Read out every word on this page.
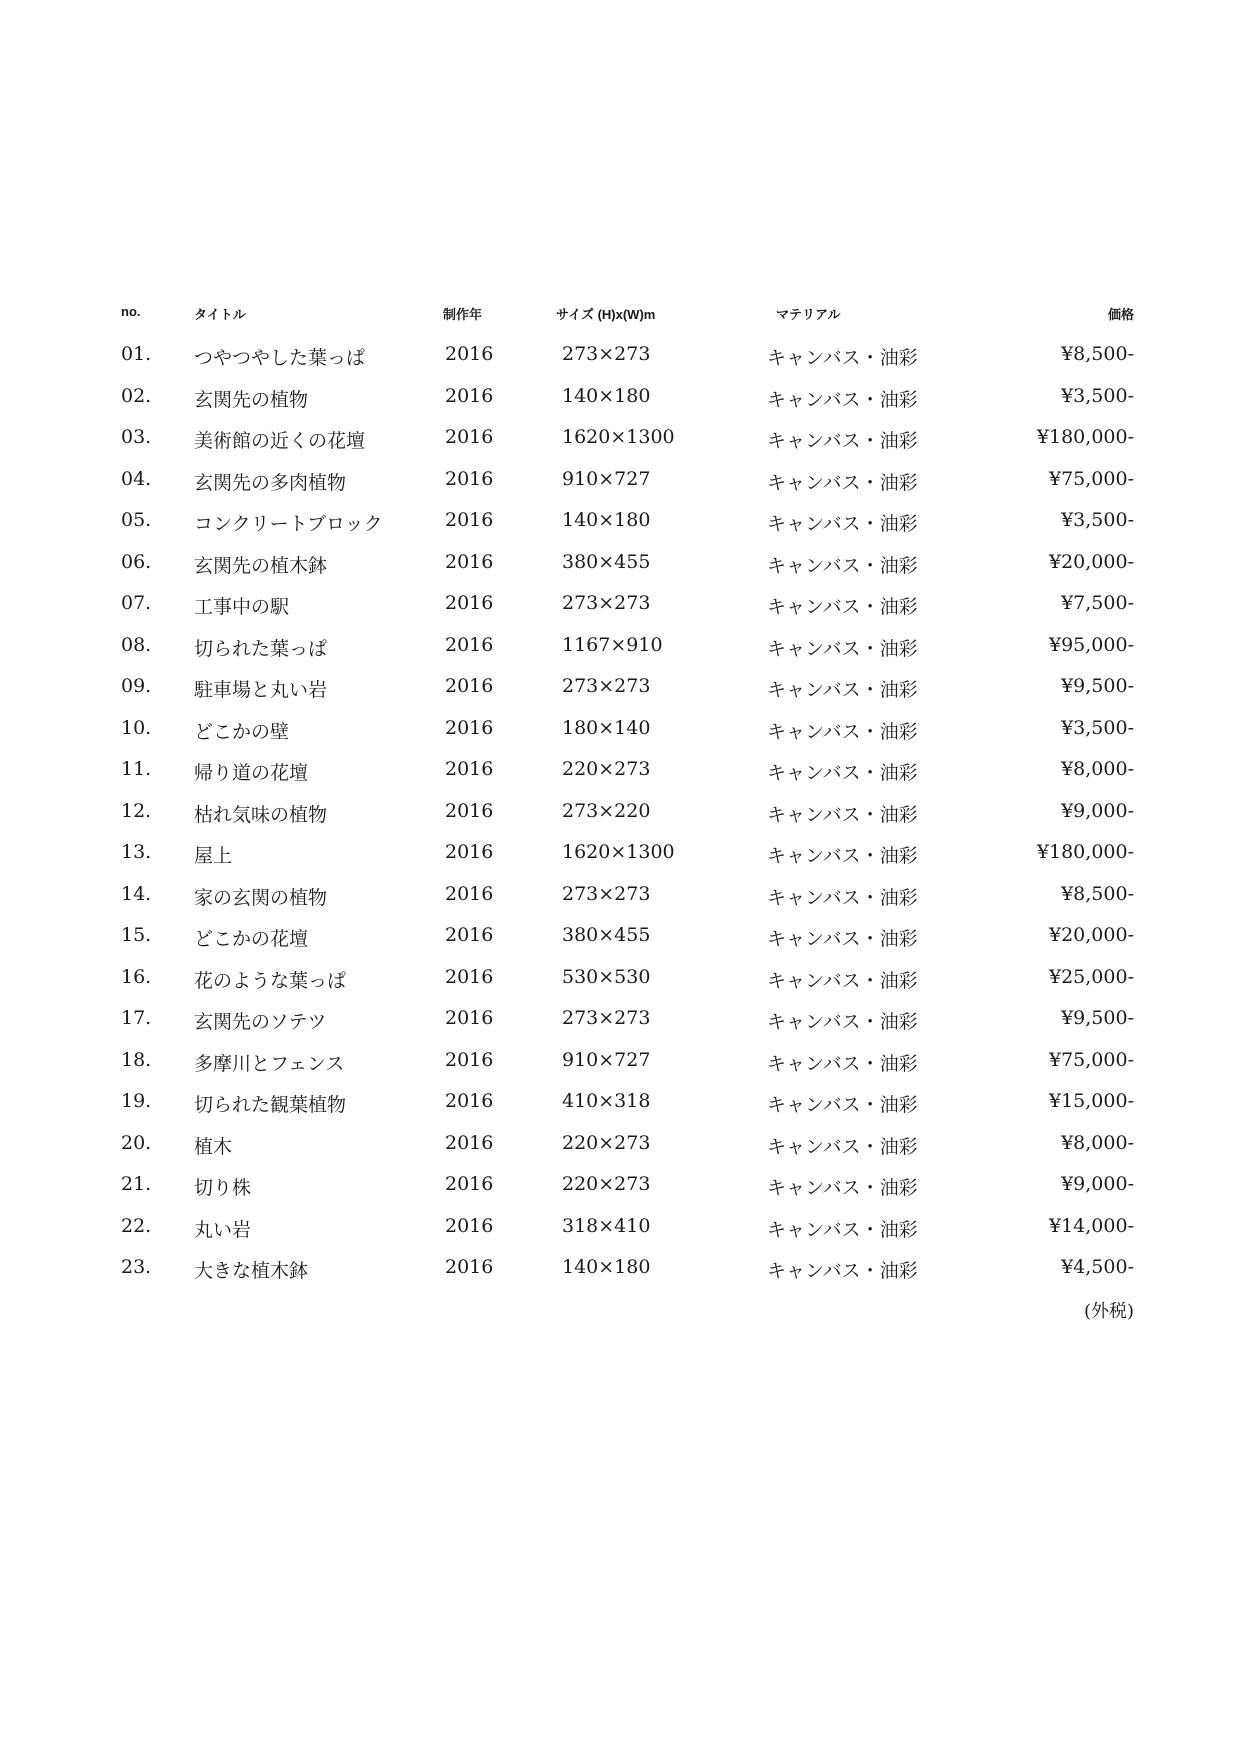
no.	タイトル	制作年	サイズ (H)x(W)m	マテリアル	価格
01. つやつやした葉っぱ	2016	273×273	キャンバス・油彩	¥8,500-
02. 玄関先の植物	2016	140×180	キャンバス・油彩	¥3,500-
03. 美術館の近くの花壇	2016	1620×1300	キャンバス・油彩	¥180,000-
04. 玄関先の多肉植物	2016	910×727	キャンバス・油彩	¥75,000-
05. コンクリートブロック	2016	140×180	キャンバス・油彩	¥3,500-
06. 玄関先の植木鉢	2016	380×455	キャンバス・油彩	¥20,000-
07. 工事中の駅	2016	273×273	キャンバス・油彩	¥7,500-
08. 切られた葉っぱ	2016	1167×910	キャンバス・油彩	¥95,000-
09. 駐車場と丸い岩	2016	273×273	キャンバス・油彩	¥9,500-
10. どこかの壁	2016	180×140	キャンバス・油彩	¥3,500-
11. 帰り道の花壇	2016	220×273	キャンバス・油彩	¥8,000-
12. 枯れ気味の植物	2016	273×220	キャンバス・油彩	¥9,000-
13. 屋上	2016	1620×1300	キャンバス・油彩	¥180,000-
14. 家の玄関の植物	2016	273×273	キャンバス・油彩	¥8,500-
15. どこかの花壇	2016	380×455	キャンバス・油彩	¥20,000-
16. 花のような葉っぱ	2016	530×530	キャンバス・油彩	¥25,000-
17. 玄関先のソテツ	2016	273×273	キャンバス・油彩	¥9,500-
18. 多摩川とフェンス	2016	910×727	キャンバス・油彩	¥75,000-
19. 切られた観葉植物	2016	410×318	キャンバス・油彩	¥15,000-
20. 植木	2016	220×273	キャンバス・油彩	¥8,000-
21. 切り株	2016	220×273	キャンバス・油彩	¥9,000-
22. 丸い岩	2016	318×410	キャンバス・油彩	¥14,000-
23. 大きな植木鉢	2016	140×180	キャンバス・油彩	¥4,500-
(外税)
